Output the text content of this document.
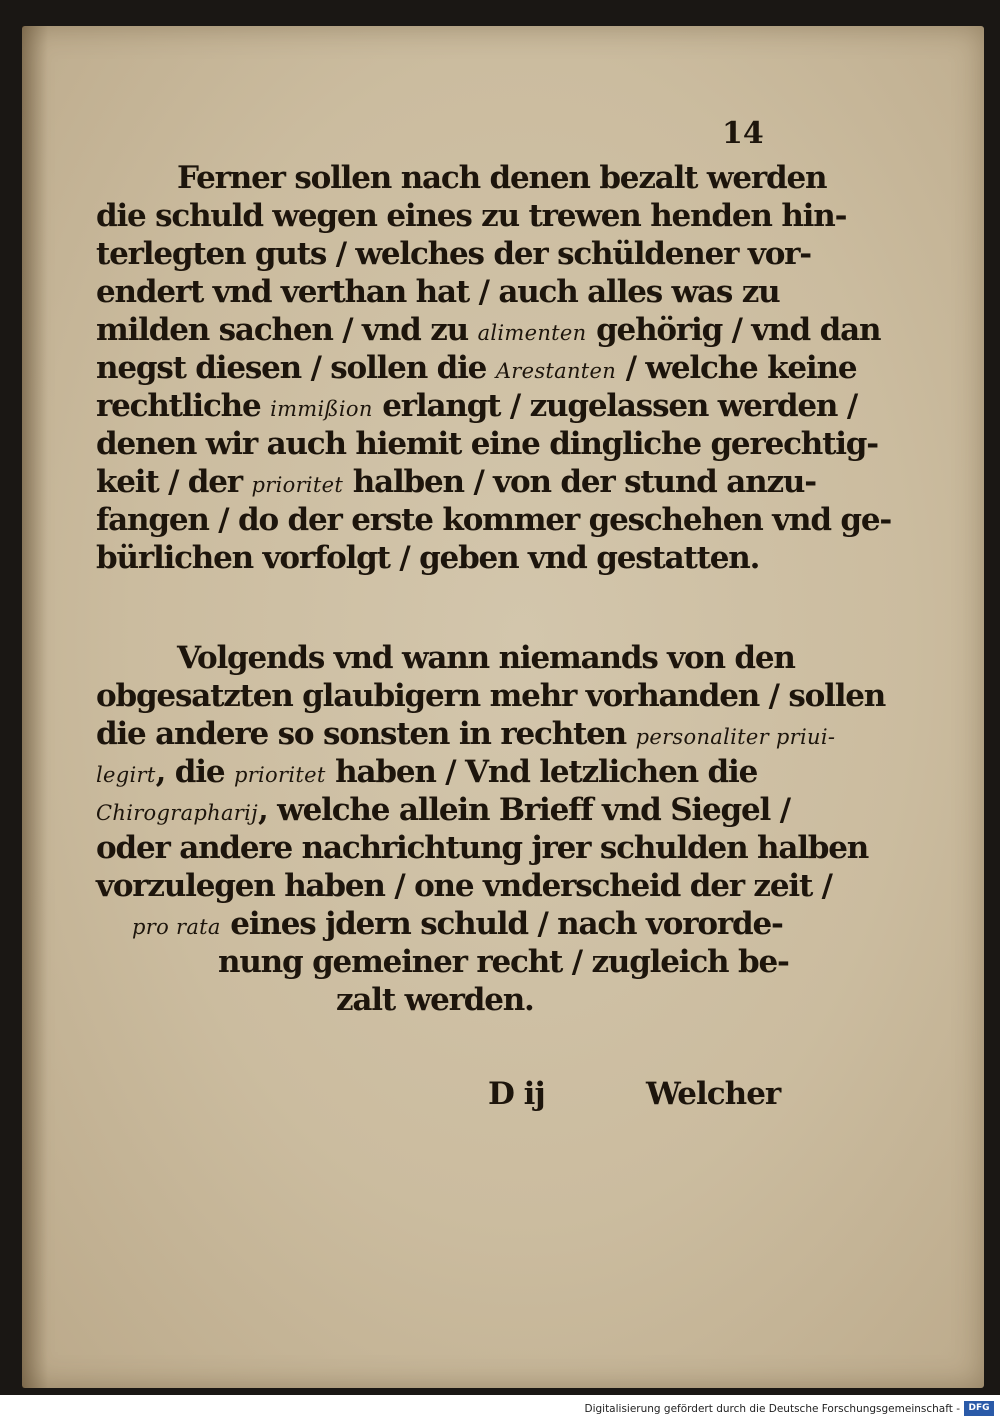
14
Ferner sollen nach denen bezalt werden
die schuld wegen eines zu trewen henden hin-
terlegten guts / welches der schüldener vor-
endert vnd verthan hat / auch alles was zu
milden sachen / vnd zu alimenten gehörig / vnd dan
negst diesen / sollen die Arestanten / welche keine
rechtliche immißion erlangt / zugelassen werden /
denen wir auch hiemit eine dingliche gerechtig-
keit / der prioritet halben / von der stund anzu-
fangen / do der erste kommer geschehen vnd ge-
bürlichen vorfolgt / geben vnd gestatten.
Volgends vnd wann niemands von den
obgesatzten glaubigern mehr vorhanden / sollen
die andere so sonsten in rechten personaliter priui-
legirt, die prioritet haben / Vnd letzlichen die
Chirographarij, welche allein Brieff vnd Siegel /
oder andere nachrichtung jrer schulden halben
vorzulegen haben / one vnderscheid der zeit /
pro rata eines jdern schuld / nach vororde-
nung gemeiner recht / zugleich be-
zalt werden.
D ij	Welcher
Digitalisierung gefördert durch die Deutsche Forschungsgemeinschaft - DFG
